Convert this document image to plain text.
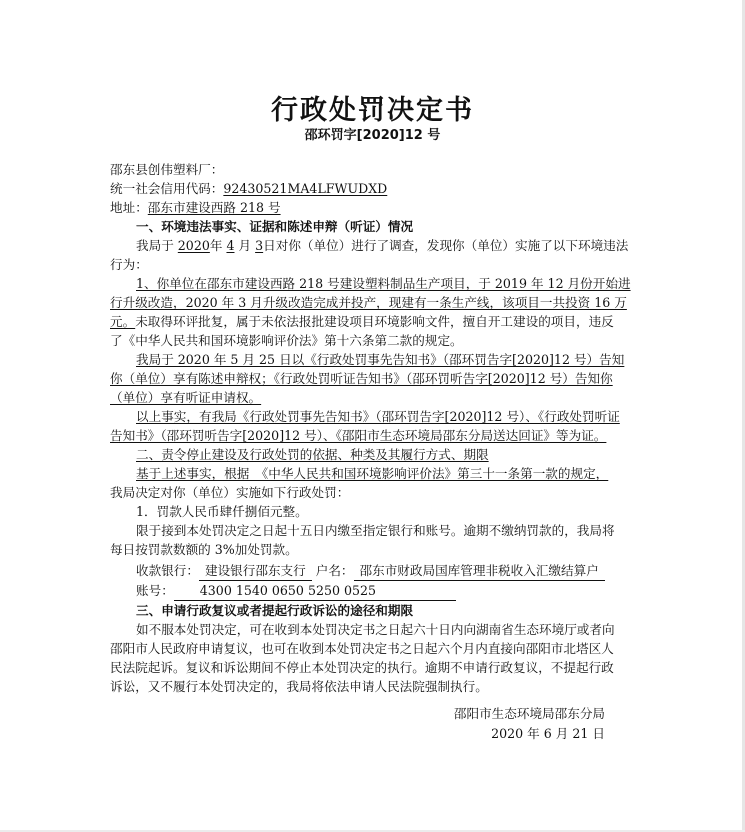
行政处罚决定书
邵环罚字[2020]12 号
邵东县创伟塑料厂：
统一社会信用代码：92430521MA4LFWUDXD
地址：邵东市建设西路 218 号
一、环境违法事实、证据和陈述申辩（听证）情况
我局于 2020年 4 月 3日对你（单位）进行了调查，发现你（单位）实施了以下环境违法
行为：
1、你单位在邵东市建设西路 218 号建设塑料制品生产项目，于 2019 年 12 月份开始进
行升级改造，2020 年 3 月升级改造完成并投产，现建有一条生产线，该项目一共投资 16 万
元。未取得环评批复，属于未依法报批建设项目环境影响文件，擅自开工建设的项目，违反
了《中华人民共和国环境影响评价法》第十六条第二款的规定。
我局于 2020 年 5 月 25 日以《行政处罚事先告知书》（邵环罚告字[2020]12 号）告知
你（单位）享有陈述申辩权；《行政处罚听证告知书》（邵环罚听告字[2020]12 号）告知你
（单位）享有听证申请权。
以上事实，有我局《行政处罚事先告知书》（邵环罚告字[2020]12 号）、《行政处罚听证
告知书》（邵环罚听告字[2020]12 号）、《邵阳市生态环境局邵东分局送达回证》等为证。
二、责令停止建设及行政处罚的依据、种类及其履行方式、期限
基于上述事实，根据　《中华人民共和国环境影响评价法》第三十一条第一款的规定，
我局决定对你（单位）实施如下行政处罚：
1．罚款人民币肆仟捌佰元整。
限于接到本处罚决定之日起十五日内缴至指定银行和账号。逾期不缴纳罚款的，我局将
每日按罚款数额的 3%加处罚款。
收款银行： 建设银行邵东支行 户名： 邵东市财政局国库管理非税收入汇缴结算户
账号： 4300 1540 0650 5250 0525
三、申请行政复议或者提起行政诉讼的途径和期限
如不服本处罚决定，可在收到本处罚决定书之日起六十日内向湖南省生态环境厅或者向
邵阳市人民政府申请复议，也可在收到本处罚决定书之日起六个月内直接向邵阳市北塔区人
民法院起诉。复议和诉讼期间不停止本处罚决定的执行。逾期不申请行政复议，不提起行政
诉讼，又不履行本处罚决定的，我局将依法申请人民法院强制执行。
邵阳市生态环境局邵东分局
2020 年 6 月 21 日
